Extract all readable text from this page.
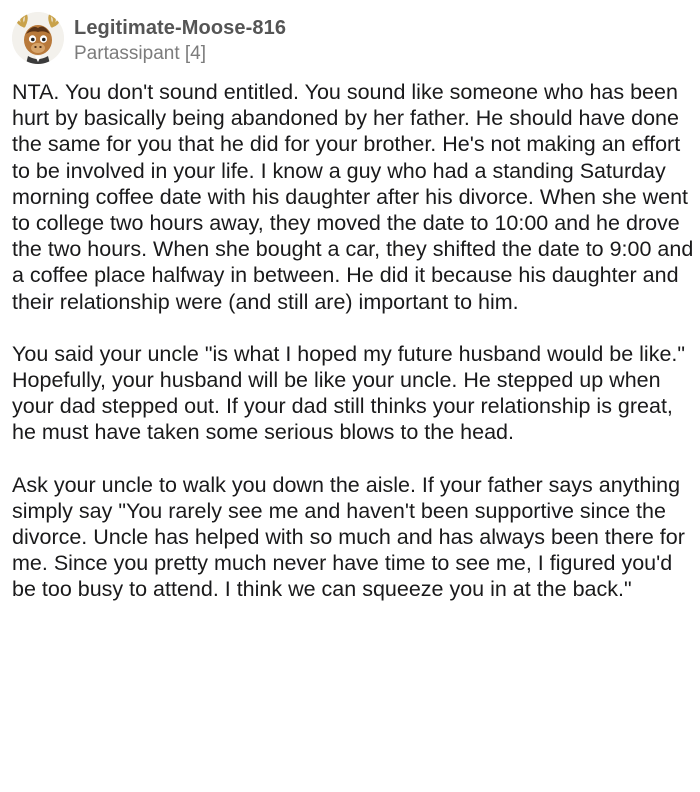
Legitimate-Moose-816
Partassipant [4]

NTA. You don't sound entitled. You sound like someone who has been hurt by basically being abandoned by her father. He should have done the same for you that he did for your brother. He's not making an effort to be involved in your life. I know a guy who had a standing Saturday morning coffee date with his daughter after his divorce. When she went to college two hours away, they moved the date to 10:00 and he drove the two hours. When she bought a car, they shifted the date to 9:00 and a coffee place halfway in between. He did it because his daughter and their relationship were (and still are) important to him.

You said your uncle "is what I hoped my future husband would be like." Hopefully, your husband will be like your uncle. He stepped up when your dad stepped out. If your dad still thinks your relationship is great, he must have taken some serious blows to the head.

Ask your uncle to walk you down the aisle. If your father says anything simply say "You rarely see me and haven't been supportive since the divorce. Uncle has helped with so much and has always been there for me. Since you pretty much never have time to see me, I figured you'd be too busy to attend. I think we can squeeze you in at the back."
